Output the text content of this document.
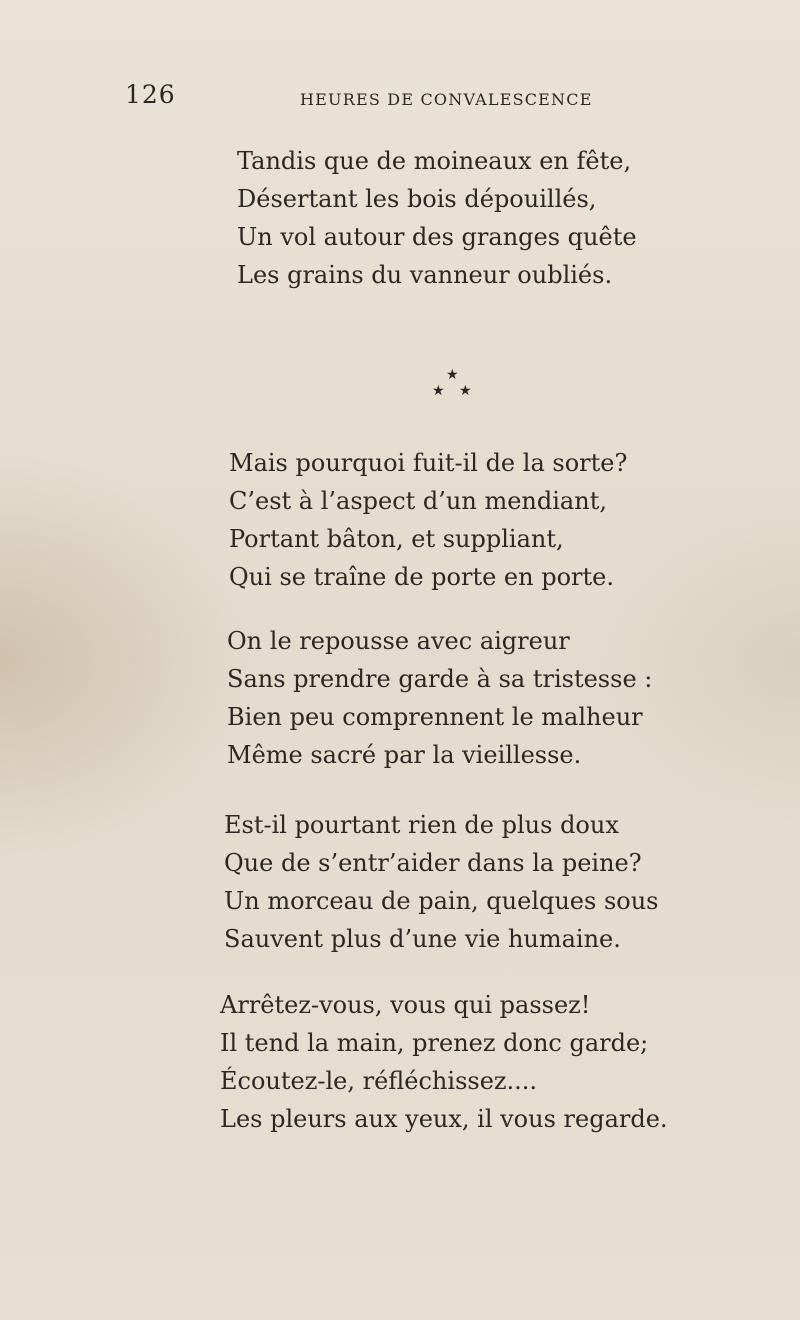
126	HEURES DE CONVALESCENCE
Tandis que de moineaux en fête,
Désertant les bois dépouillés,
Un vol autour des granges quête
Les grains du vanneur oubliés.
★
★ ★
Mais pourquoi fuit-il de la sorte?
C’est à l’aspect d’un mendiant,
Portant bâton, et suppliant,
Qui se traîne de porte en porte.
On le repousse avec aigreur
Sans prendre garde à sa tristesse :
Bien peu comprennent le malheur
Même sacré par la vieillesse.
Est-il pourtant rien de plus doux
Que de s’entr’aider dans la peine?
Un morceau de pain, quelques sous
Sauvent plus d’une vie humaine.
Arrêtez-vous, vous qui passez!
Il tend la main, prenez donc garde;
Écoutez-le, réfléchissez....
Les pleurs aux yeux, il vous regarde.
